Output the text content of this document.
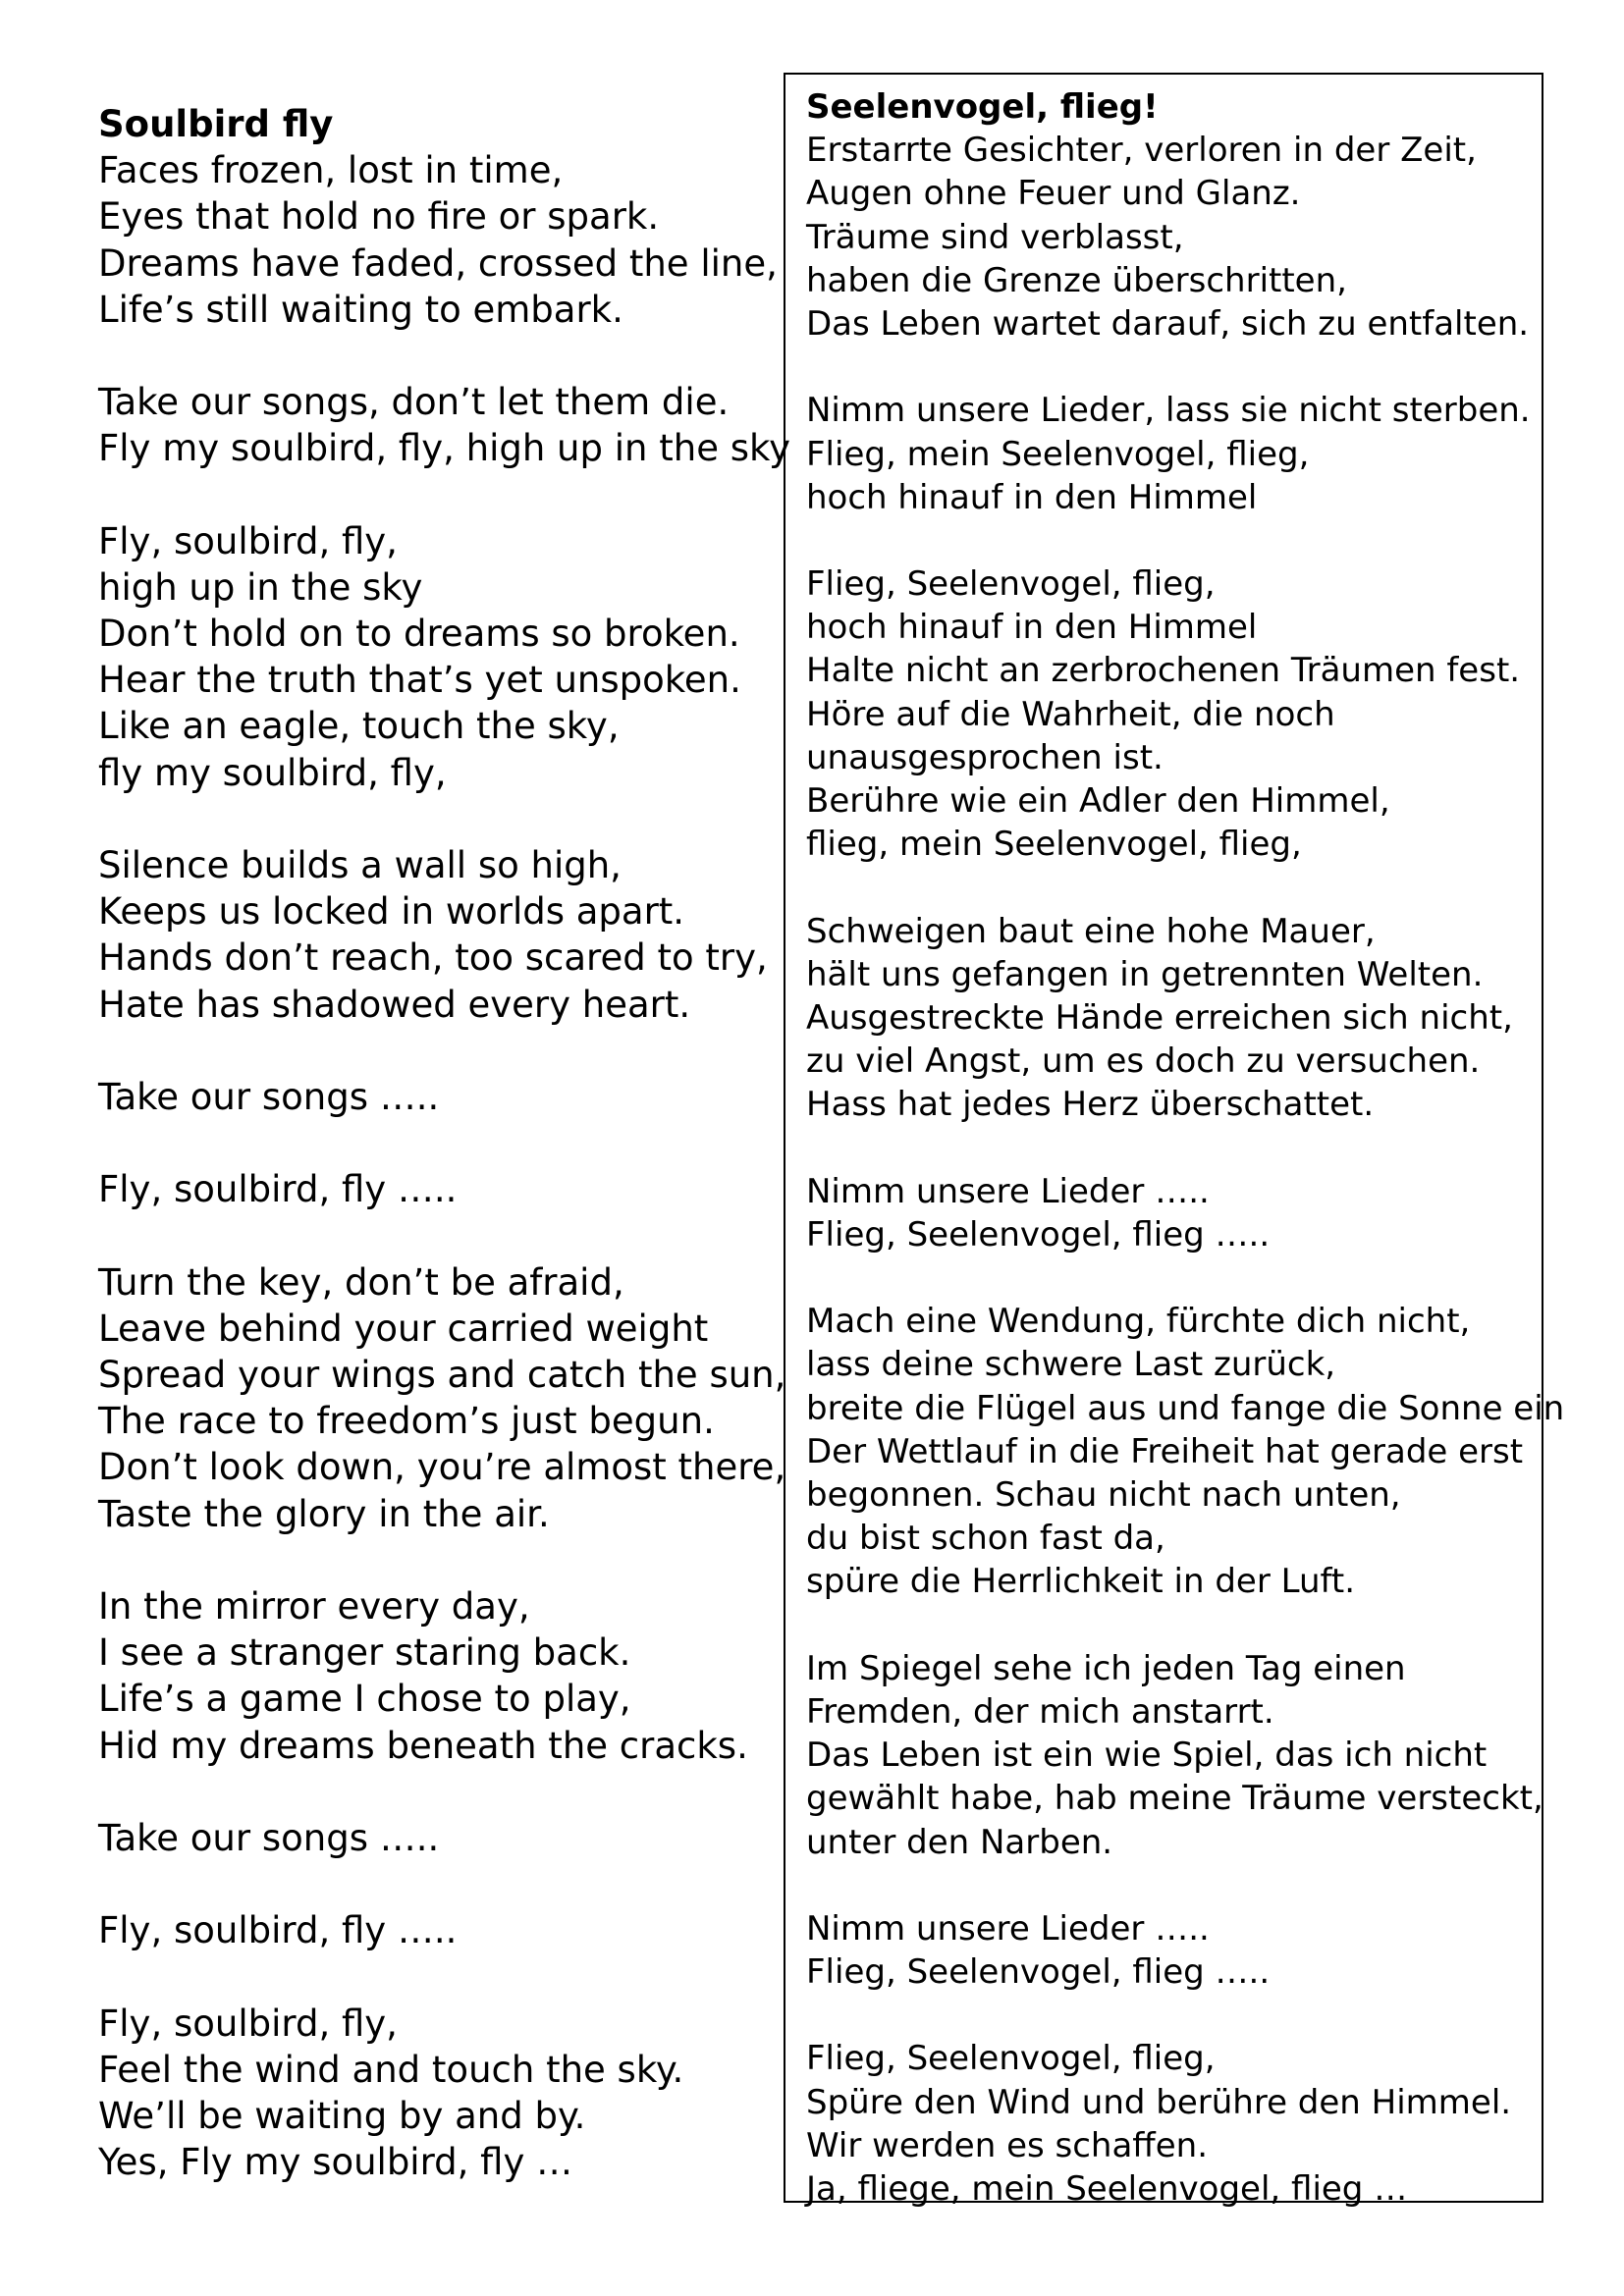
Soulbird fly
Faces frozen, lost in time,
Eyes that hold no fire or spark.
Dreams have faded, crossed the line,
Life’s still waiting to embark.
Take our songs, don’t let them die.
Fly my soulbird, fly, high up in the sky
Fly, soulbird, fly,
high up in the sky
Don’t hold on to dreams so broken.
Hear the truth that’s yet unspoken.
Like an eagle, touch the sky,
fly my soulbird, fly,
Silence builds a wall so high,
Keeps us locked in worlds apart.
Hands don’t reach, too scared to try,
Hate has shadowed every heart.
Take our songs …..
Fly, soulbird, fly …..
Turn the key, don’t be afraid,
Leave behind your carried weight
Spread your wings and catch the sun,
The race to freedom’s just begun.
Don’t look down, you’re almost there,
Taste the glory in the air.
In the mirror every day,
I see a stranger staring back.
Life’s a game I chose to play,
Hid my dreams beneath the cracks.
Take our songs …..
Fly, soulbird, fly …..
Fly, soulbird, fly,
Feel the wind and touch the sky.
We’ll be waiting by and by.
Yes, Fly my soulbird, fly …
Seelenvogel, flieg!
Erstarrte Gesichter, verloren in der Zeit,
Augen ohne Feuer und Glanz.
Träume sind verblasst,
haben die Grenze überschritten,
Das Leben wartet darauf, sich zu entfalten.
Nimm unsere Lieder, lass sie nicht sterben.
Flieg, mein Seelenvogel, flieg,
hoch hinauf in den Himmel
Flieg, Seelenvogel, flieg,
hoch hinauf in den Himmel
Halte nicht an zerbrochenen Träumen fest.
Höre auf die Wahrheit, die noch
unausgesprochen ist.
Berühre wie ein Adler den Himmel,
flieg, mein Seelenvogel, flieg,
Schweigen baut eine hohe Mauer,
hält uns gefangen in getrennten Welten.
Ausgestreckte Hände erreichen sich nicht,
zu viel Angst, um es doch zu versuchen.
Hass hat jedes Herz überschattet.
Nimm unsere Lieder …..
Flieg, Seelenvogel, flieg …..
Mach eine Wendung, fürchte dich nicht,
lass deine schwere Last zurück,
breite die Flügel aus und fange die Sonne ein
Der Wettlauf in die Freiheit hat gerade erst
begonnen. Schau nicht nach unten,
du bist schon fast da,
spüre die Herrlichkeit in der Luft.
Im Spiegel sehe ich jeden Tag einen
Fremden, der mich anstarrt.
Das Leben ist ein wie Spiel, das ich nicht
gewählt habe, hab meine Träume versteckt,
unter den Narben.
Nimm unsere Lieder …..
Flieg, Seelenvogel, flieg …..
Flieg, Seelenvogel, flieg,
Spüre den Wind und berühre den Himmel.
Wir werden es schaffen.
Ja, fliege, mein Seelenvogel, flieg …
